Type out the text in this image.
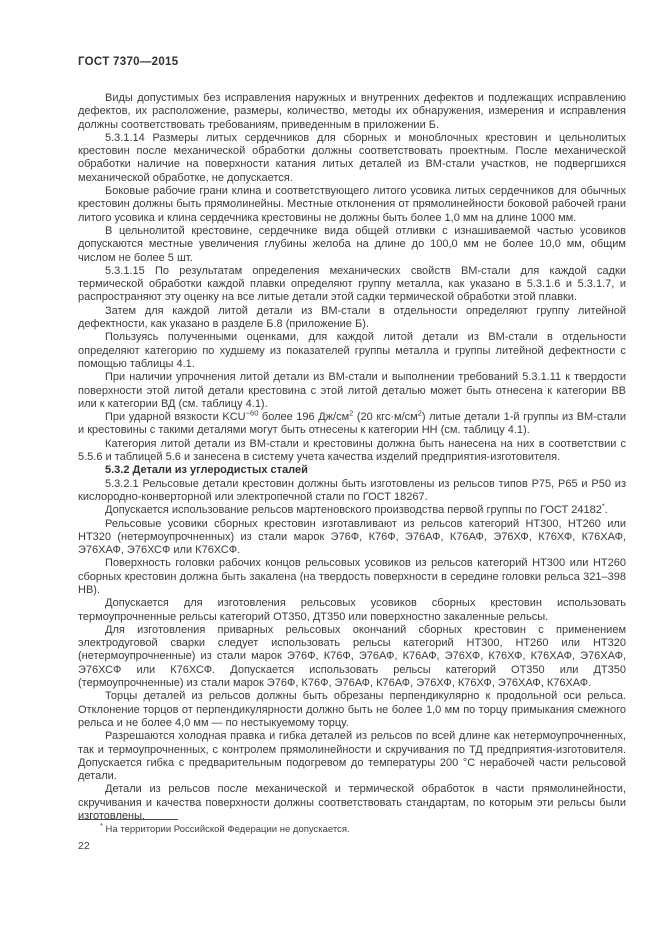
ГОСТ 7370—2015

Виды допустимых без исправления наружных и внутренних дефектов и подлежащих исправлению дефектов, их расположение, размеры, количество, методы их обнаружения, измерения и исправления должны соответствовать требованиям, приведенным в приложении Б.

5.3.1.14 Размеры литых сердечников для сборных и моноблочных крестовин и цельнолитых крестовин после механической обработки должны соответствовать проектным. После механической обработки наличие на поверхности катания литых деталей из ВМ-стали участков, не подвергшихся механической обработке, не допускается.

Боковые рабочие грани клина и соответствующего литого усовика литых сердечников для обычных крестовин должны быть прямолинейны. Местные отклонения от прямолинейности боковой рабочей грани литого усовика и клина сердечника крестовины не должны быть более 1,0 мм на длине 1000 мм.

В цельнолитой крестовине, сердечнике вида общей отливки с изнашиваемой частью усовиков допускаются местные увеличения глубины желоба на длине до 100,0 мм не более 10,0 мм, общим числом не более 5 шт.

5.3.1.15 По результатам определения механических свойств ВМ-стали для каждой садки термической обработки каждой плавки определяют группу металла, как указано в 5.3.1.6 и 5.3.1.7, и распространяют эту оценку на все литые детали этой садки термической обработки этой плавки.

Затем для каждой литой детали из ВМ-стали в отдельности определяют группу литейной дефектности, как указано в разделе Б.8 (приложение Б).

Пользуясь полученными оценками, для каждой литой детали из ВМ-стали в отдельности определяют категорию по худшему из показателей группы металла и группы литейной дефектности с помощью таблицы 4.1.

При наличии упрочнения литой детали из ВМ-стали и выполнении требований 5.3.1.11 к твердости поверхности этой литой детали крестовина с этой литой деталью может быть отнесена к категории ВВ или к категории ВД (см. таблицу 4.1).

При ударной вязкости $KCU^{-60}$ более 196 $Дж/см^2$ (20 $кгс\cdot м/см^2$) литые детали 1-й группы из ВМ-стали и крестовины с такими деталями могут быть отнесены к категории НН (см. таблицу 4.1).

Категория литой детали из ВМ-стали и крестовины должна быть нанесена на них в соответствии с 5.5.6 и таблицей 5.6 и занесена в систему учета качества изделий предприятия-изготовителя.

5.3.2 Детали из углеродистых сталей

5.3.2.1 Рельсовые детали крестовин должны быть изготовлены из рельсов типов Р75, Р65 и Р50 из кислородно-конверторной или электропечной стали по ГОСТ 18267.

Допускается использование рельсов мартеновского производства первой группы по ГОСТ 24182*.

Рельсовые усовики сборных крестовин изготавливают из рельсов категорий НТ300, НТ260 или НТ320 (нетермоупрочненных) из стали марок Э76Ф, К76Ф, Э76АФ, К76АФ, Э76ХФ, К76ХФ, К76ХАФ, Э76ХАФ, Э76ХСФ или К76ХСФ.

Поверхность головки рабочих концов рельсовых усовиков из рельсов категорий НТ300 или НТ260 сборных крестовин должна быть закалена (на твердость поверхности в середине головки рельса 321–398 НВ).

Допускается для изготовления рельсовых усовиков сборных крестовин использовать термоупрочненные рельсы категорий ОТ350, ДТ350 или поверхностно закаленные рельсы.

Для изготовления приварных рельсовых окончаний сборных крестовин с применением электродуговой сварки следует использовать рельсы категорий НТ300, НТ260 или НТ320 (нетермоупрочненные) из стали марок Э76Ф, К76Ф, Э76АФ, К76АФ, Э76ХФ, К76ХФ, К76ХАФ, Э76ХАФ, Э76ХСФ или К76ХСФ. Допускается использовать рельсы категорий ОТ350 или ДТ350 (термоупрочненные) из стали марок Э76Ф, К76Ф, Э76АФ, К76АФ, Э76ХФ, К76ХФ, Э76ХАФ, К76ХАФ.

Торцы деталей из рельсов должны быть обрезаны перпендикулярно к продольной оси рельса. Отклонение торцов от перпендикулярности должно быть не более 1,0 мм по торцу примыкания смежного рельса и не более 4,0 мм — по нестыкуемому торцу.

Разрешаются холодная правка и гибка деталей из рельсов по всей длине как нетермоупрочненных, так и термоупрочненных, с контролем прямолинейности и скручивания по ТД предприятия-изготовителя. Допускается гибка с предварительным подогревом до температуры 200 °С нерабочей части рельсовой детали.

Детали из рельсов после механической и термической обработок в части прямолинейности, скручивания и качества поверхности должны соответствовать стандартам, по которым эти рельсы были изготовлены.

* На территории Российской Федерации не допускается.

22
